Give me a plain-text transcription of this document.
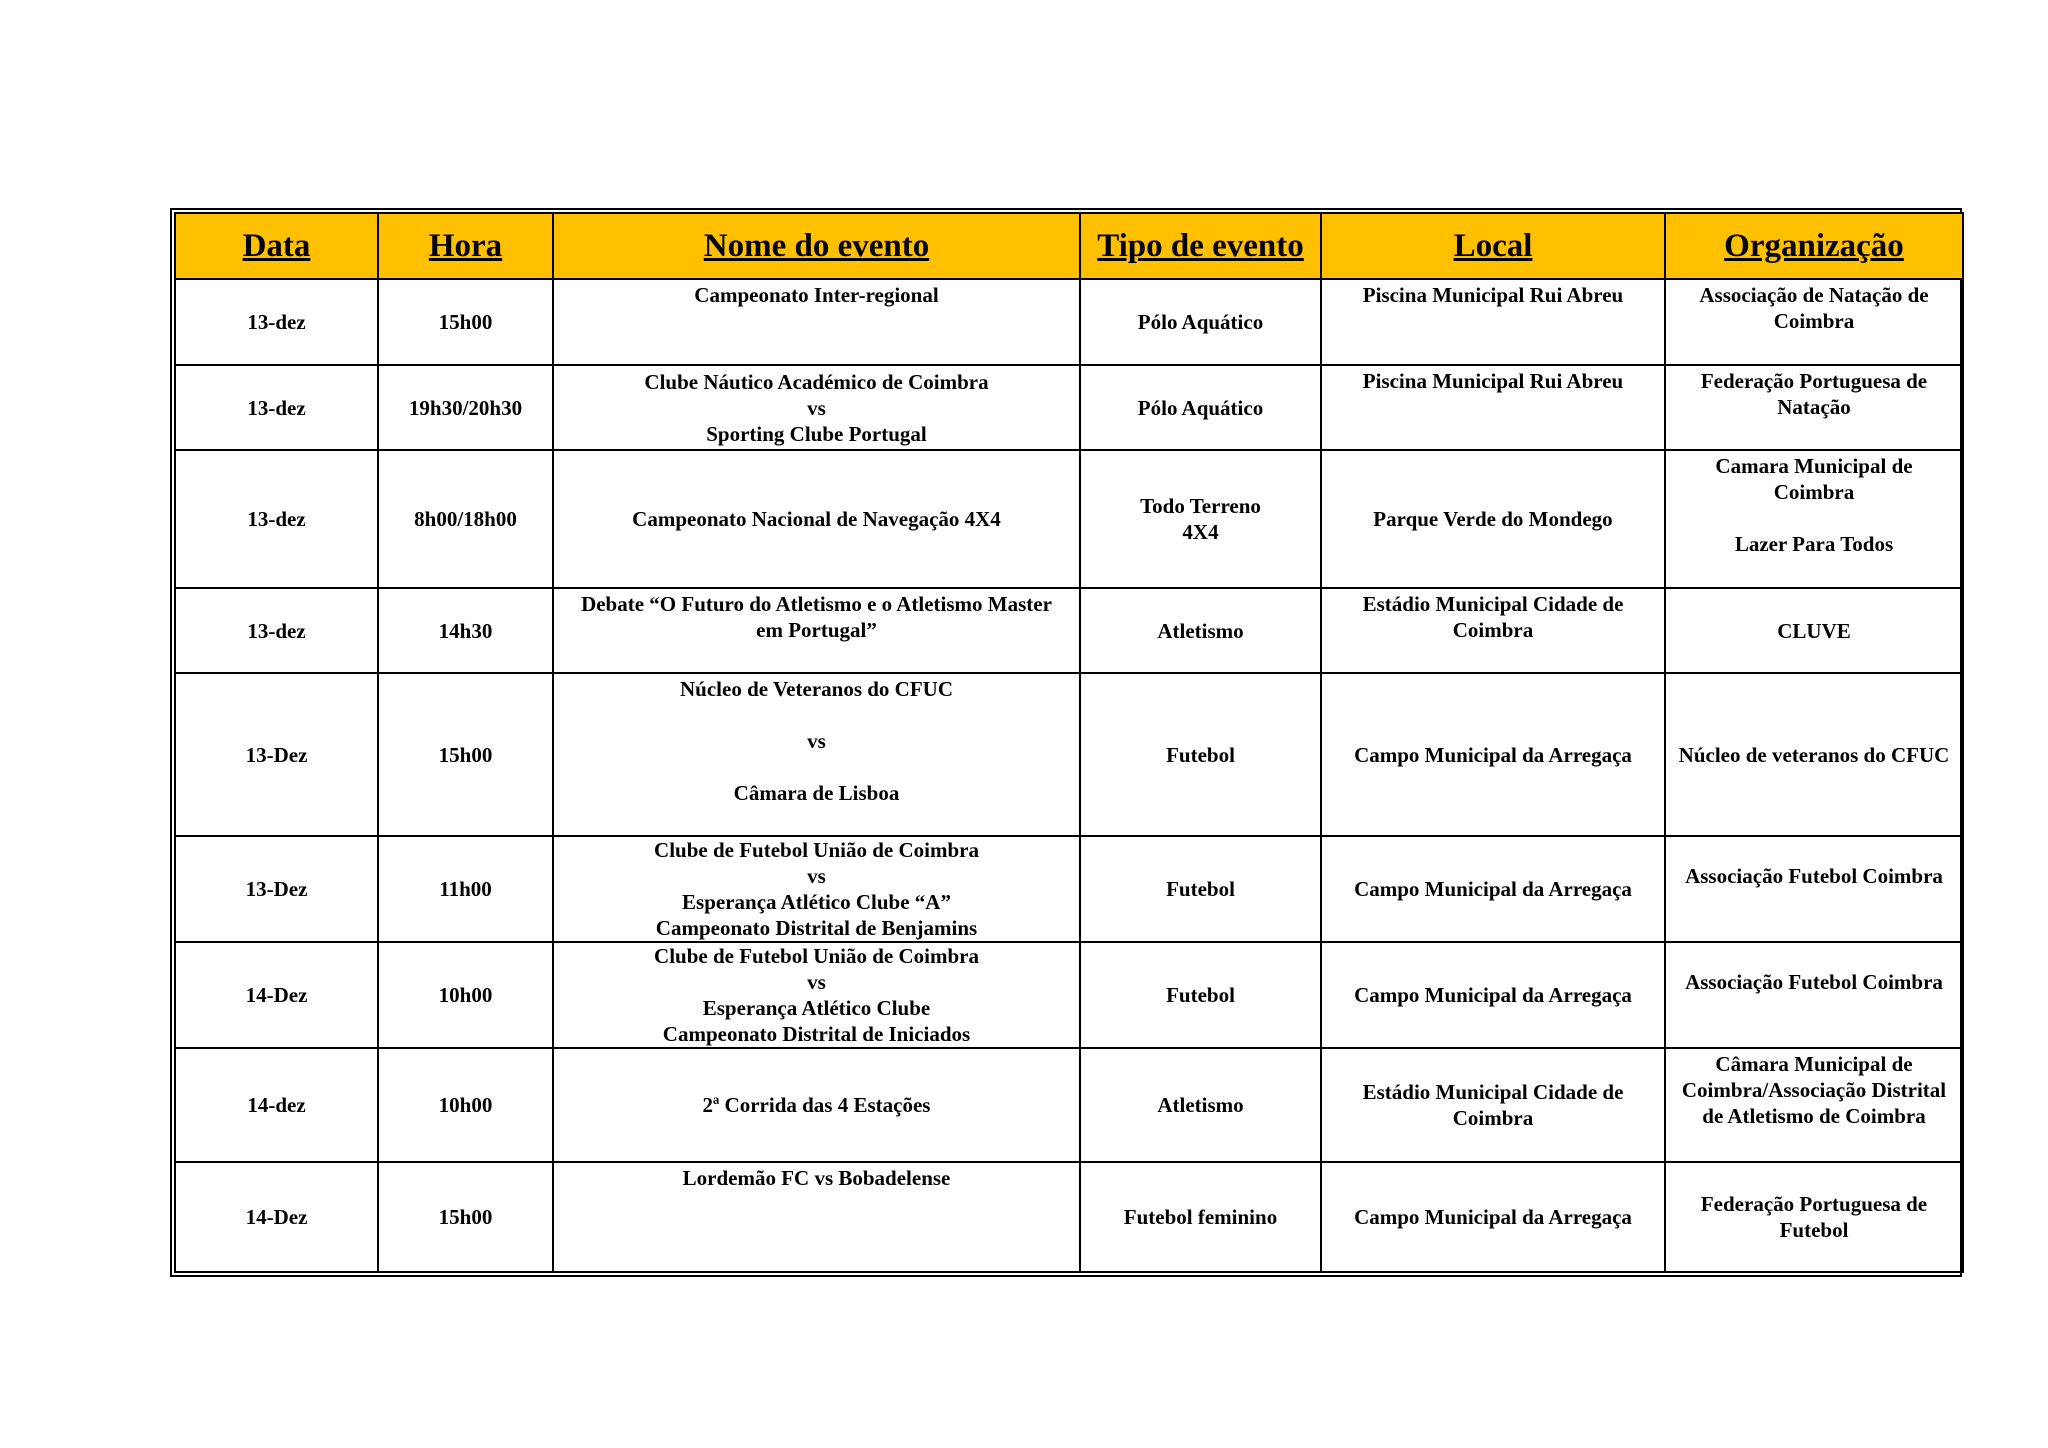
Data	Hora	Nome do evento	Tipo de evento	Local	Organização
13-dez	15h00	Campeonato Inter-regional	Pólo Aquático	Piscina Municipal Rui Abreu	Associação de Natação de
Coimbra

13-dez	19h30/20h30	Clube Náutico Académico de Coimbra
vs
Sporting Clube Portugal	Pólo Aquático	Piscina Municipal Rui Abreu	Federação Portuguesa de
Natação

13-dez	8h00/18h00	Campeonato Nacional de Navegação 4X4	Todo Terreno
4X4	Parque Verde do Mondego	Camara Municipal de
Coimbra
Lazer Para Todos

13-dez	14h30	Debate “O Futuro do Atletismo e o Atletismo Master
em Portugal”	Atletismo	Estádio Municipal Cidade de
Coimbra	CLUVE

13-Dez	15h00	Núcleo de Veteranos do CFUC
vs
Câmara de Lisboa	Futebol	Campo Municipal da Arregaça	Núcleo de veteranos do CFUC

13-Dez	11h00	Clube de Futebol União de Coimbra
vs
Esperança Atlético Clube “A”
Campeonato Distrital de Benjamins	Futebol	Campo Municipal da Arregaça	Associação Futebol Coimbra

14-Dez	10h00	Clube de Futebol União de Coimbra
vs
Esperança Atlético Clube
Campeonato Distrital de Iniciados	Futebol	Campo Municipal da Arregaça	Associação Futebol Coimbra

14-dez	10h00	2ª Corrida das 4 Estações	Atletismo	Estádio Municipal Cidade de
Coimbra	Câmara Municipal de
Coimbra/Associação Distrital
de Atletismo de Coimbra

14-Dez	15h00	Lordemão FC vs Bobadelense	Futebol feminino	Campo Municipal da Arregaça	Federação Portuguesa de
Futebol
